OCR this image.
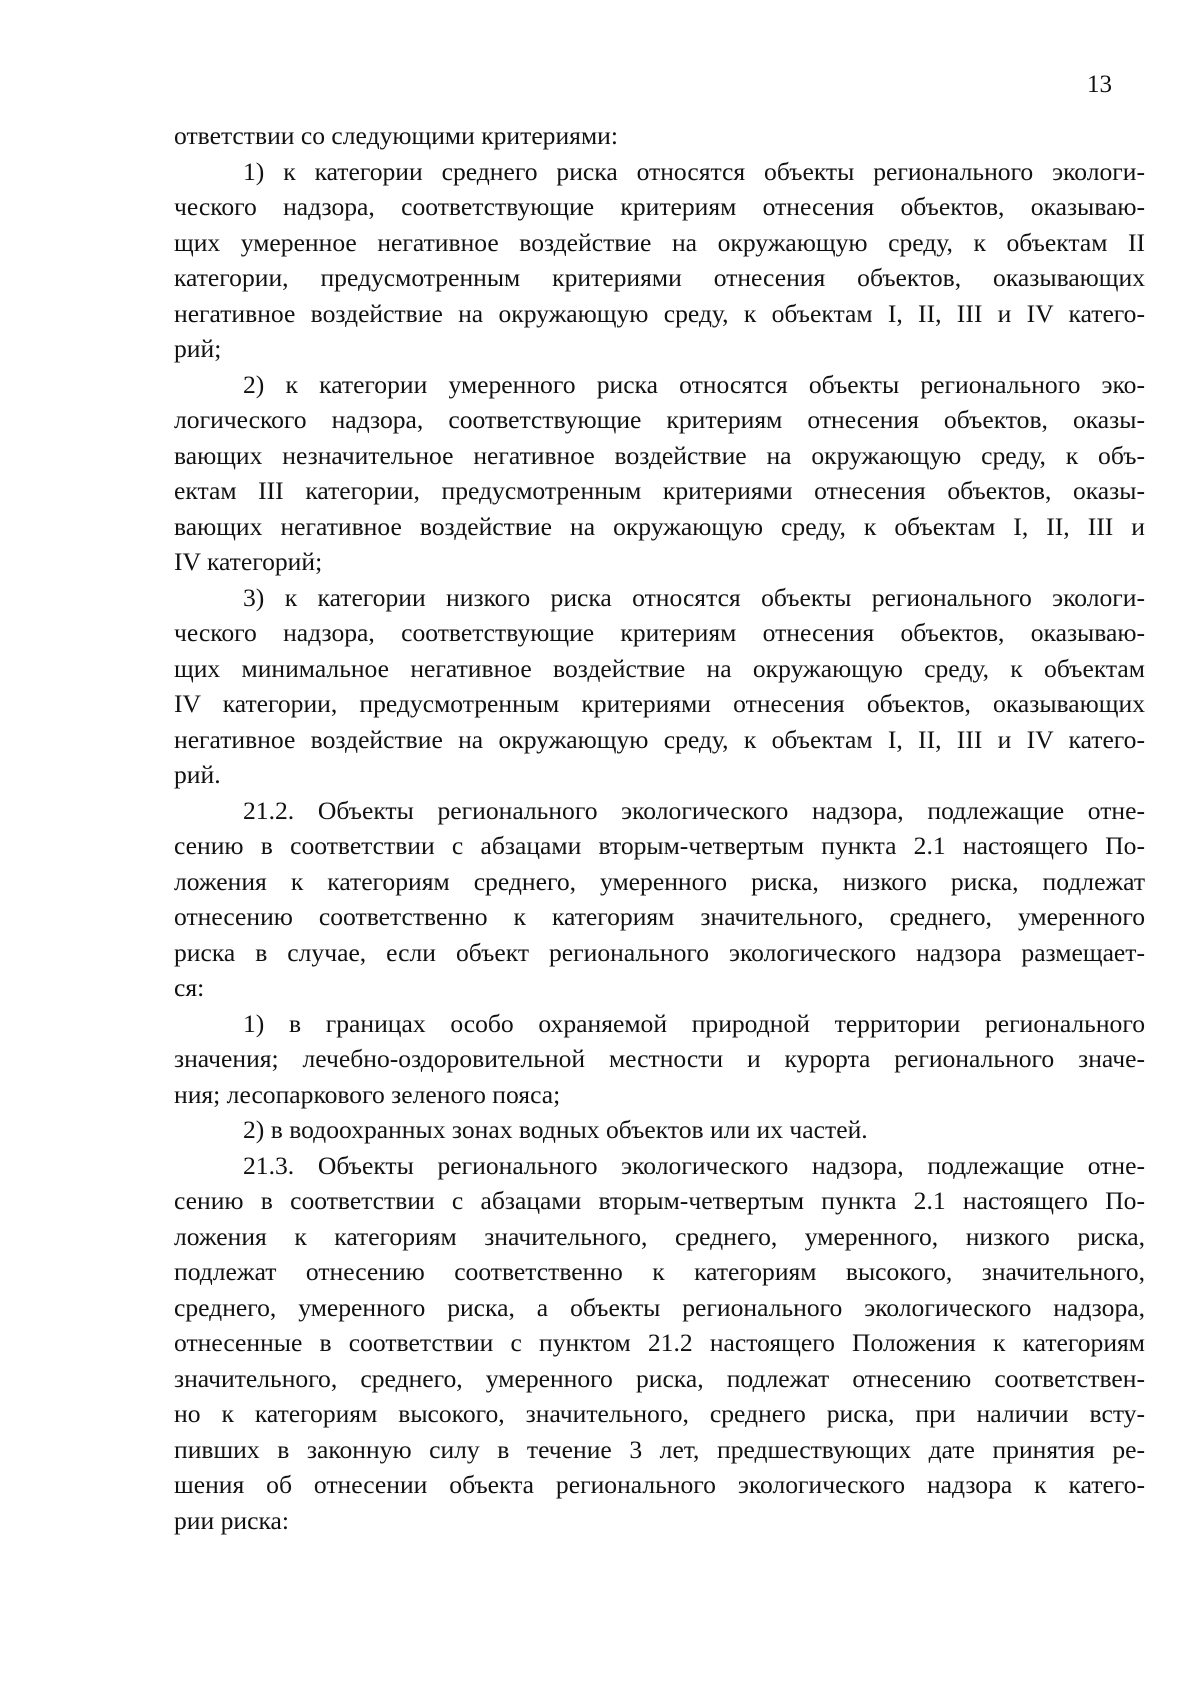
13
ответствии со следующими критериями:
1) к категории среднего риска относятся объекты регионального экологи-
ческого надзора, соответствующие критериям отнесения объектов, оказываю-
щих умеренное негативное воздействие на окружающую среду, к объектам II
категории, предусмотренным критериями отнесения объектов, оказывающих
негативное воздействие на окружающую среду, к объектам I, II, III и IV катего-
рий;
2) к категории умеренного риска относятся объекты регионального эко-
логического надзора, соответствующие критериям отнесения объектов, оказы-
вающих незначительное негативное воздействие на окружающую среду, к объ-
ектам III категории, предусмотренным критериями отнесения объектов, оказы-
вающих негативное воздействие на окружающую среду, к объектам I, II, III и
IV категорий;
3) к категории низкого риска относятся объекты регионального экологи-
ческого надзора, соответствующие критериям отнесения объектов, оказываю-
щих минимальное негативное воздействие на окружающую среду, к объектам
IV категории, предусмотренным критериями отнесения объектов, оказывающих
негативное воздействие на окружающую среду, к объектам I, II, III и IV катего-
рий.
21.2. Объекты регионального экологического надзора, подлежащие отне-
сению в соответствии с абзацами вторым-четвертым пункта 2.1 настоящего По-
ложения к категориям среднего, умеренного риска, низкого риска, подлежат
отнесению соответственно к категориям значительного, среднего, умеренного
риска в случае, если объект регионального экологического надзора размещает-
ся:
1) в границах особо охраняемой природной территории регионального
значения; лечебно-оздоровительной местности и курорта регионального значе-
ния; лесопаркового зеленого пояса;
2) в водоохранных зонах водных объектов или их частей.
21.3. Объекты регионального экологического надзора, подлежащие отне-
сению в соответствии с абзацами вторым-четвертым пункта 2.1 настоящего По-
ложения к категориям значительного, среднего, умеренного, низкого риска,
подлежат отнесению соответственно к категориям высокого, значительного,
среднего, умеренного риска, а объекты регионального экологического надзора,
отнесенные в соответствии с пунктом 21.2 настоящего Положения к категориям
значительного, среднего, умеренного риска, подлежат отнесению соответствен-
но к категориям высокого, значительного, среднего риска, при наличии всту-
пивших в законную силу в течение 3 лет, предшествующих дате принятия ре-
шения об отнесении объекта регионального экологического надзора к катего-
рии риска:
